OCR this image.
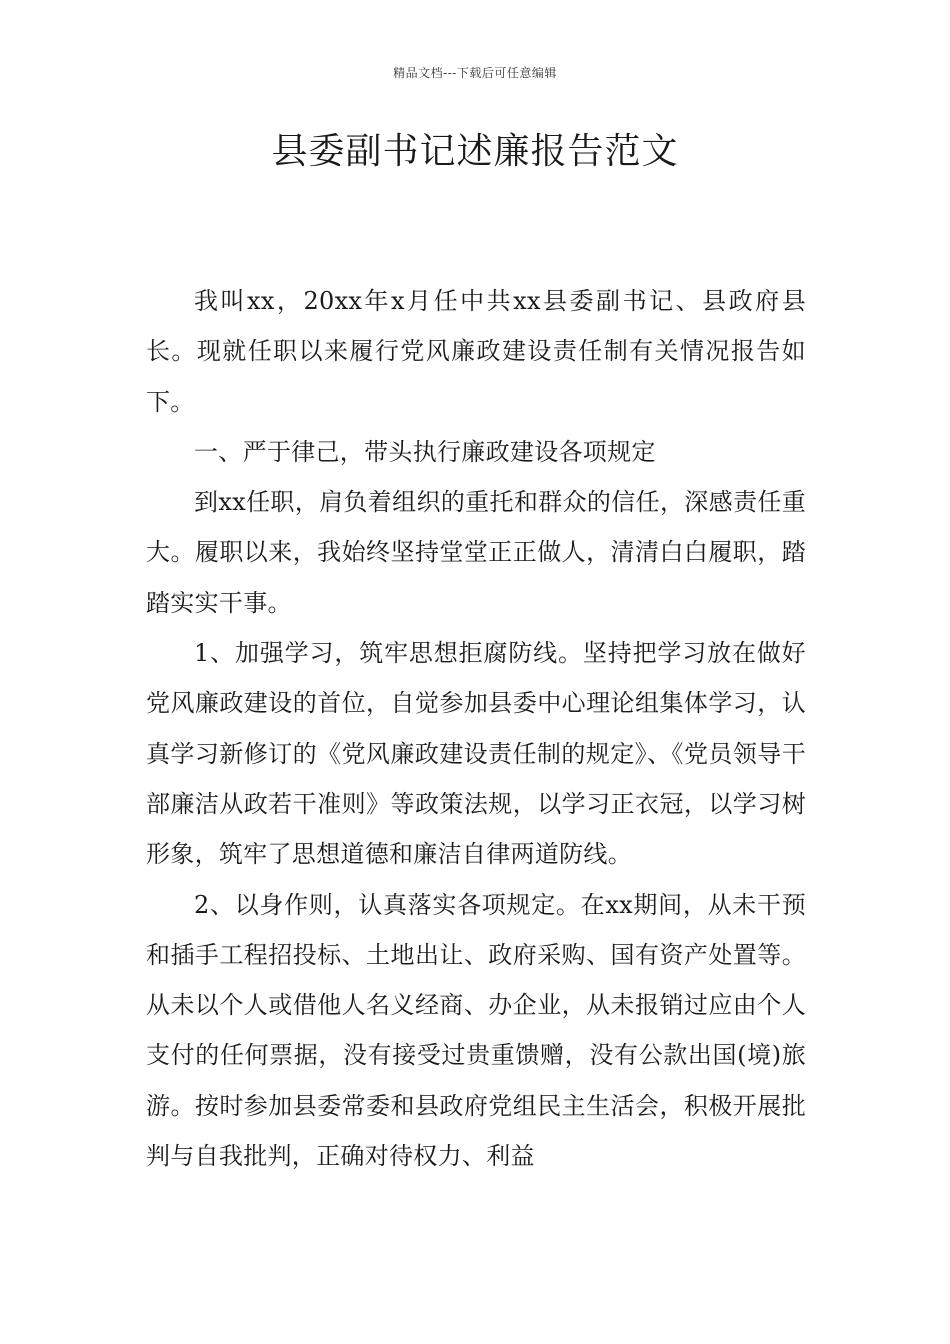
精品文档---下载后可任意编辑
县委副书记述廉报告范文

我叫xx，20xx年x月任中共xx县委副书记、县政府县长。现就任职以来履行党风廉政建设责任制有关情况报告如下。

一、严于律己，带头执行廉政建设各项规定

到xx任职，肩负着组织的重托和群众的信任，深感责任重大。履职以来，我始终坚持堂堂正正做人，清清白白履职，踏踏实实干事。

1、加强学习，筑牢思想拒腐防线。坚持把学习放在做好党风廉政建设的首位，自觉参加县委中心理论组集体学习，认真学习新修订的《党风廉政建设责任制的规定》、《党员领导干部廉洁从政若干准则》等政策法规，以学习正衣冠，以学习树形象，筑牢了思想道德和廉洁自律两道防线。

2、以身作则，认真落实各项规定。在xx期间，从未干预和插手工程招投标、土地出让、政府采购、国有资产处置等。从未以个人或借他人名义经商、办企业，从未报销过应由个人支付的任何票据，没有接受过贵重馈赠，没有公款出国(境)旅游。按时参加县委常委和县政府党组民主生活会，积极开展批判与自我批判，正确对待权力、利益
